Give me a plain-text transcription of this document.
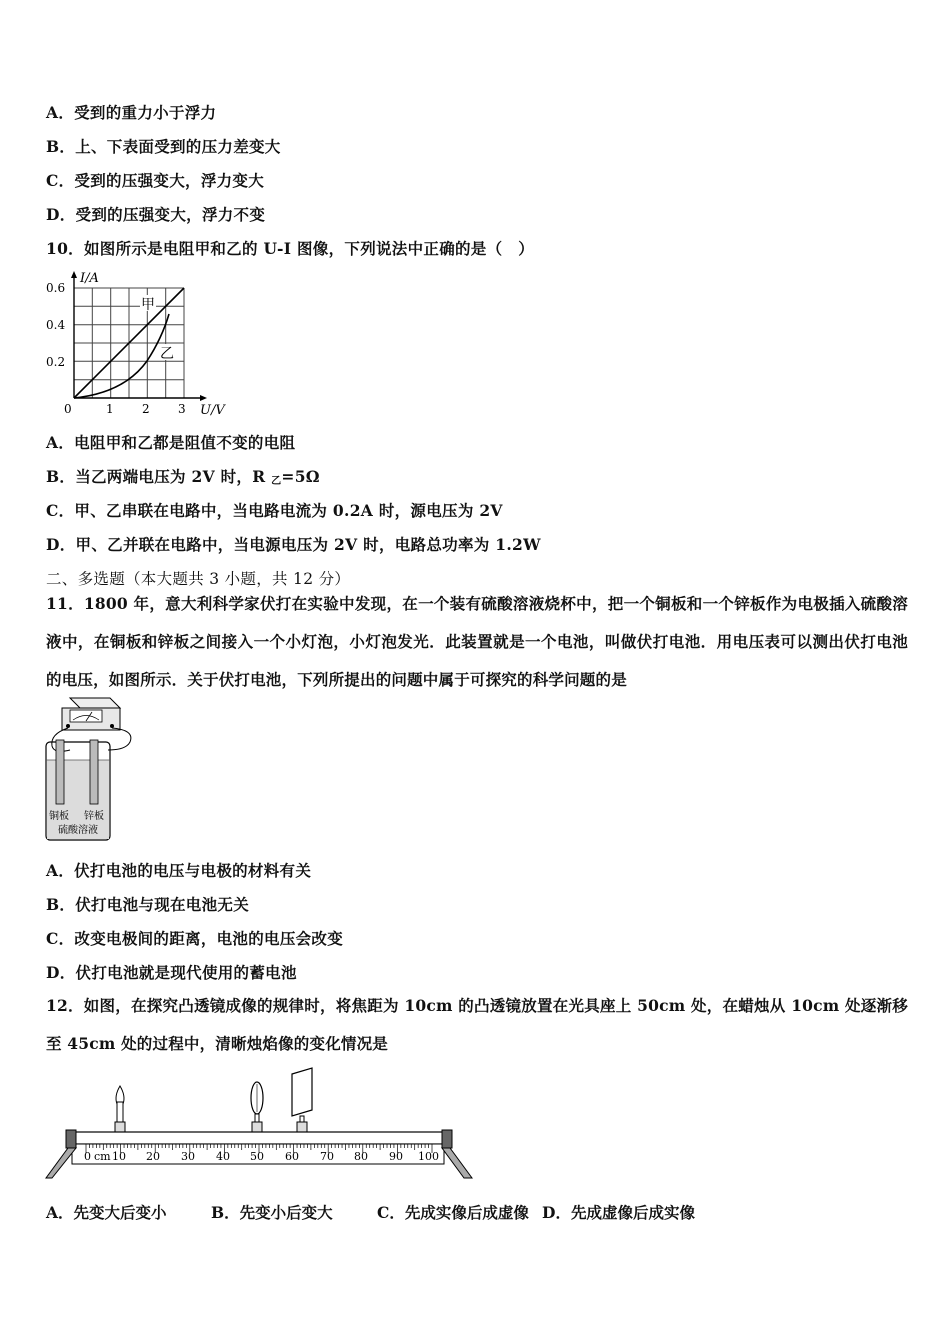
A．受到的重力小于浮力
B．上、下表面受到的压力差变大
C．受到的压强变大，浮力变大
D．受到的压强变大，浮力不变
10．如图所示是电阻甲和乙的 U-I 图像，下列说法中正确的是（　）
I/A
U/V
0.6
0.4
0.2
0	1 2 3
甲
乙
A．电阻甲和乙都是阻值不变的电阻
B．当乙两端电压为 2V 时，R $_乙$=5Ω
C．甲、乙串联在电路中，当电路电流为 0.2A 时，源电压为 2V
D．甲、乙并联在电路中，当电源电压为 2V 时，电路总功率为 1.2W
二、多选题（本大题共 3 小题，共 12 分）
11．1800 年，意大利科学家伏打在实验中发现，在一个装有硫酸溶液烧杯中，把一个铜板和一个锌板作为电极插入硫酸溶液中，在铜板和锌板之间接入一个小灯泡，小灯泡发光．此装置就是一个电池，叫做伏打电池．用电压表可以测出伏打电池的电压，如图所示．关于伏打电池，下列所提出的问题中属于可探究的科学问题的是
铜板 锌板
硫酸溶液
A．伏打电池的电压与电极的材料有关
B．伏打电池与现在电池无关
C．改变电极间的距离，电池的电压会改变
D．伏打电池就是现代使用的蓄电池
12．如图，在探究凸透镜成像的规律时，将焦距为 10cm 的凸透镜放置在光具座上 50cm 处，在蜡烛从 10cm 处逐渐移至 45cm 处的过程中，清晰烛焰像的变化情况是
0 cm 10 20 30 40 50 60 70 80 90 100
A．先变大后变小	B．先变小后变大	C．先成实像后成虚像 D．先成虚像后成实像
